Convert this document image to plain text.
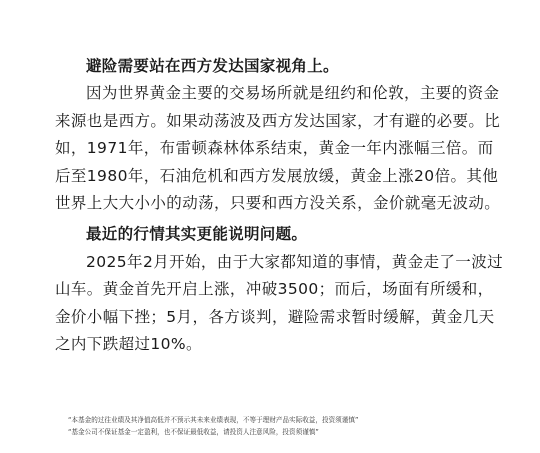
避险需要站在西方发达国家视角上。

因为世界黄金主要的交易场所就是纽约和伦敦，主要的资金来源也是西方。如果动荡波及西方发达国家，才有避的必要。比如，1971年，布雷顿森林体系结束，黄金一年内涨幅三倍。而后至1980年，石油危机和西方发展放缓，黄金上涨20倍。其他世界上大大小小的动荡，只要和西方没关系，金价就毫无波动。

最近的行情其实更能说明问题。

2025年2月开始，由于大家都知道的事情，黄金走了一波过山车。黄金首先开启上涨，冲破3500；而后，场面有所缓和，金价小幅下挫；5月，各方谈判，避险需求暂时缓解，黄金几天之内下跌超过10%。

“本基金的过往业绩及其净值高低并不预示其未来业绩表现，不等于理财产品实际收益，投资须谨慎”

“基金公司不保证基金一定盈利，也不保证最低收益，请投资人注意风险，投资须谨慎”
